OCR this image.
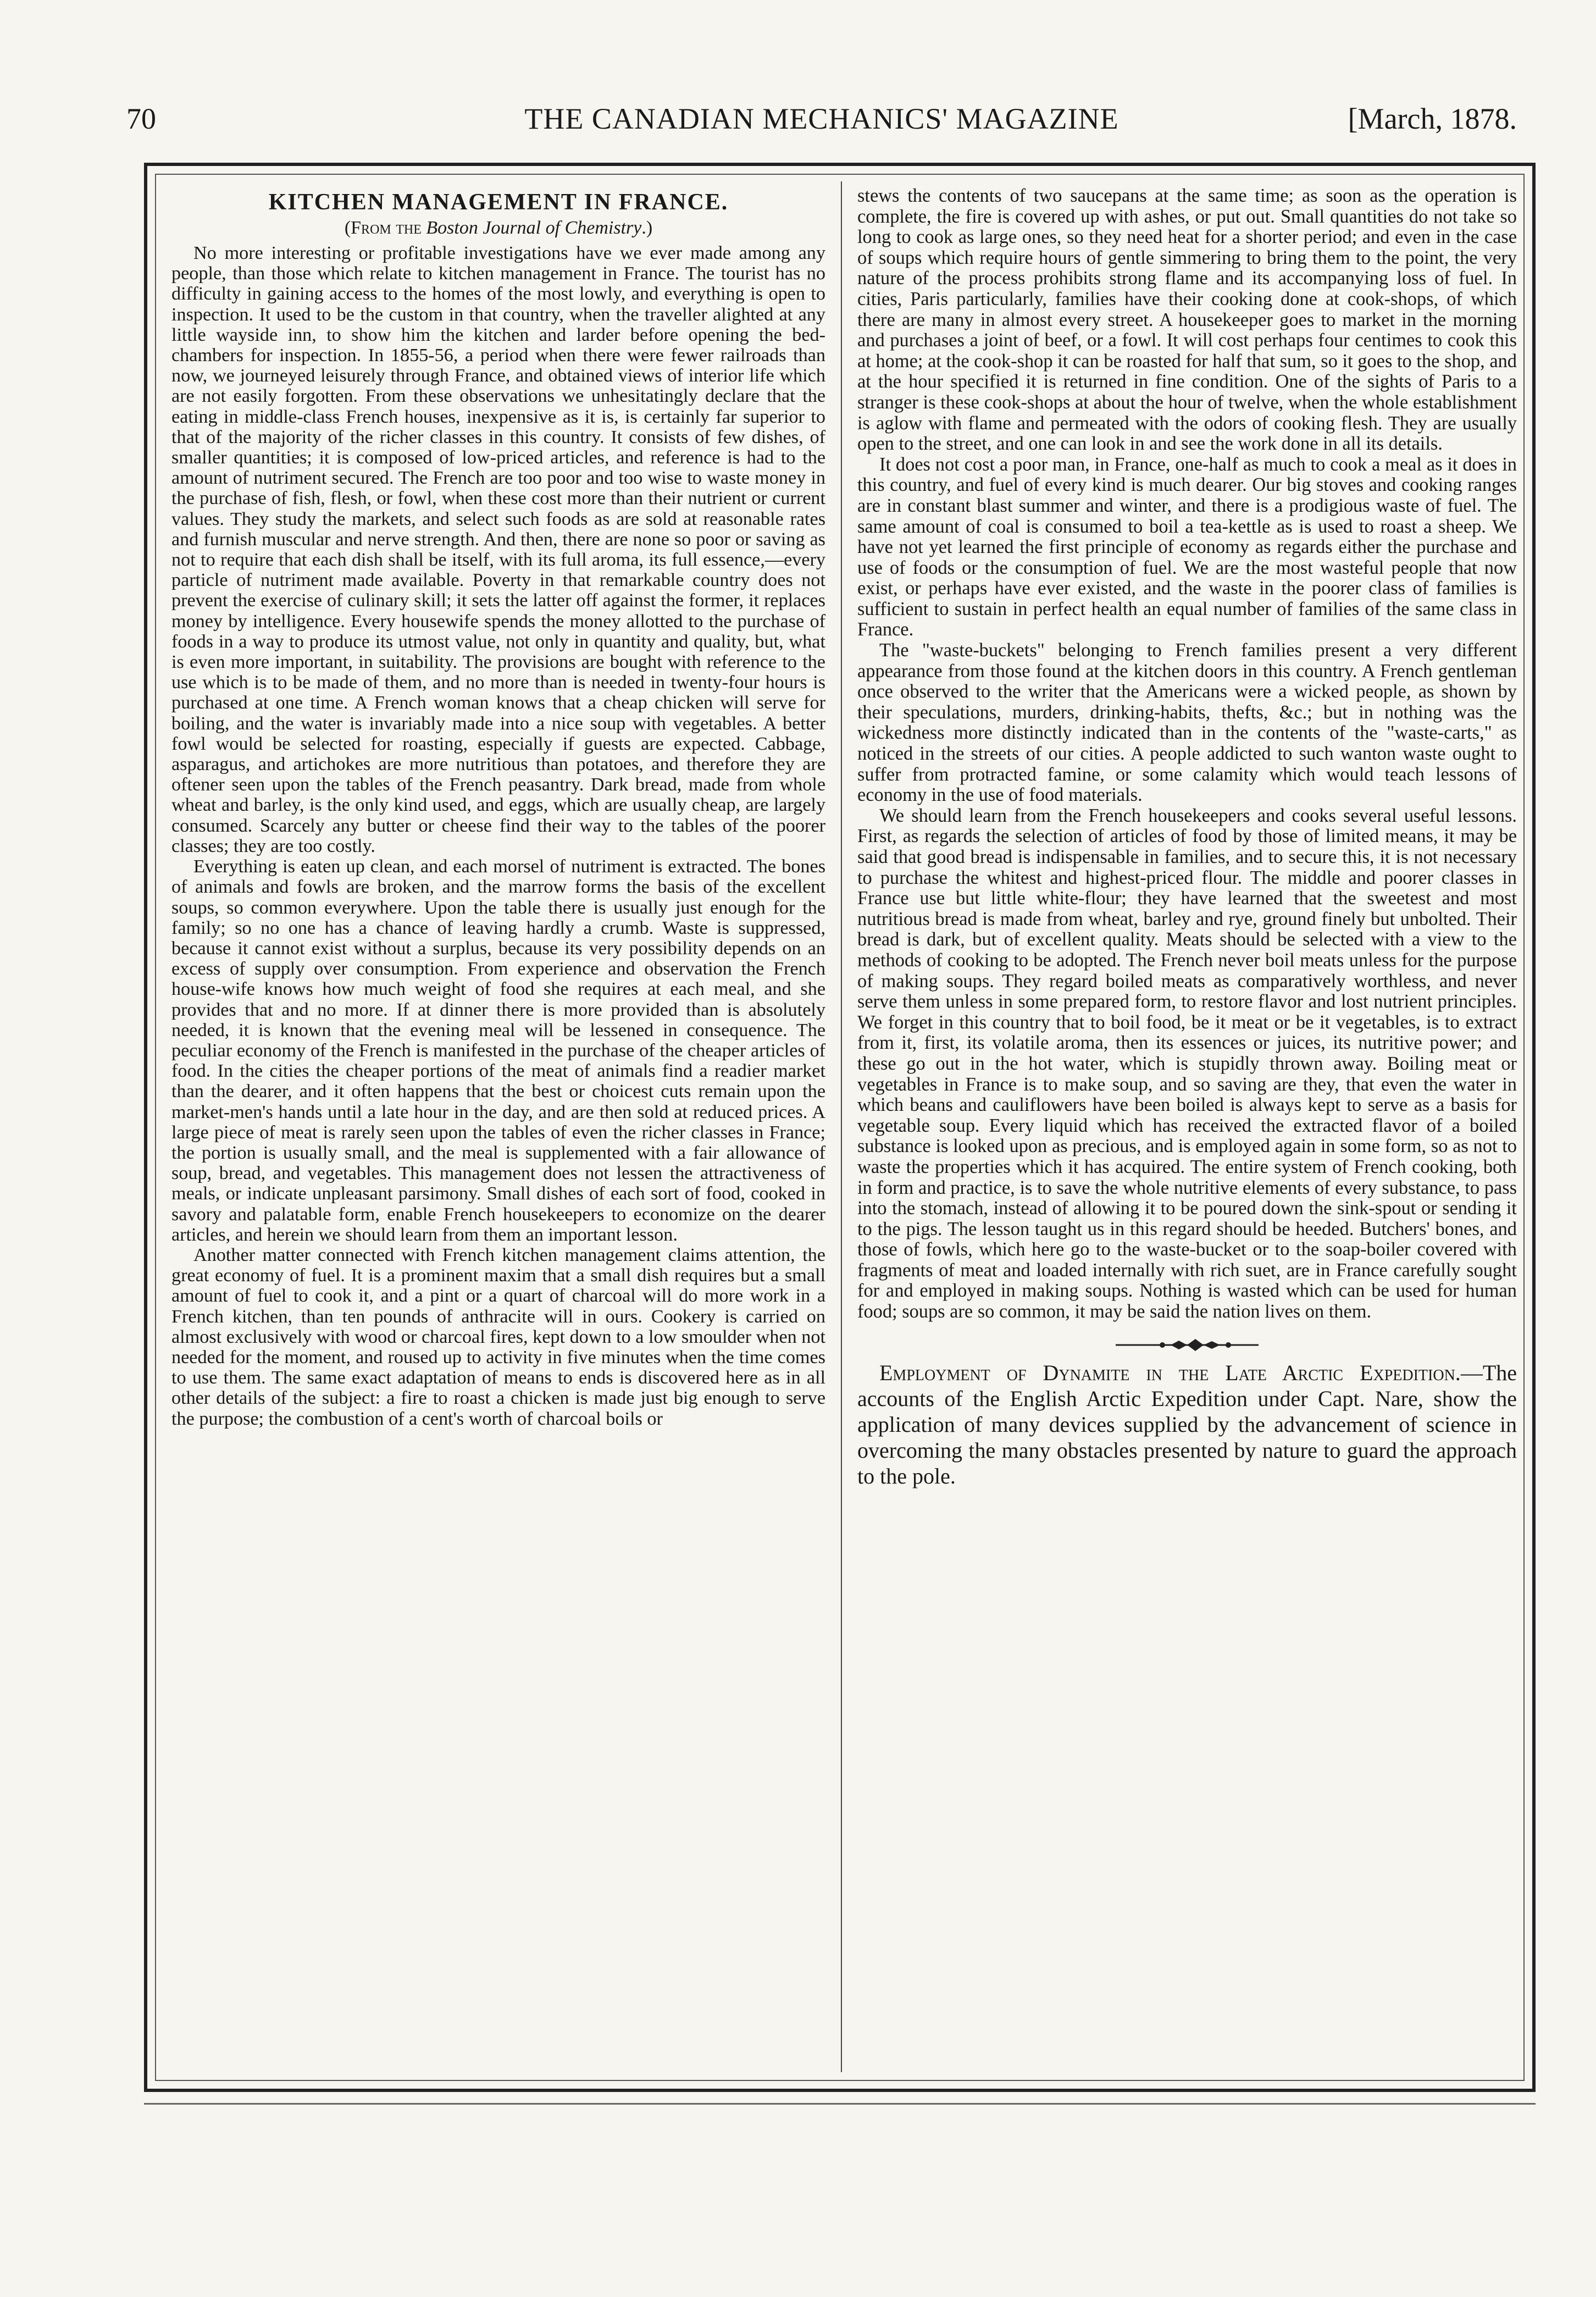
70	THE CANADIAN MECHANICS' MAGAZINE	[March, 1878.
KITCHEN MANAGEMENT IN FRANCE.
(From the Boston Journal of Chemistry.)

No more interesting or profitable investigations have we ever made among any people, than those which relate to kitchen management in France. The tourist has no difficulty in gaining access to the homes of the most lowly, and everything is open to inspection. It used to be the custom in that country, when the traveller alighted at any little wayside inn, to show him the kitchen and larder before opening the bed-chambers for inspection. In 1855-56, a period when there were fewer railroads than now, we journeyed leisurely through France, and obtained views of interior life which are not easily forgotten. From these observations we unhesitatingly declare that the eating in middle-class French houses, inexpensive as it is, is certainly far superior to that of the majority of the richer classes in this country. It consists of few dishes, of smaller quantities; it is composed of low-priced articles, and reference is had to the amount of nutriment secured. The French are too poor and too wise to waste money in the purchase of fish, flesh, or fowl, when these cost more than their nutrient or current values. They study the markets, and select such foods as are sold at reasonable rates and furnish muscular and nerve strength. And then, there are none so poor or saving as not to require that each dish shall be itself, with its full aroma, its full essence,—every particle of nutriment made available. Poverty in that remarkable country does not prevent the exercise of culinary skill; it sets the latter off against the former, it replaces money by intelligence. Every housewife spends the money allotted to the purchase of foods in a way to produce its utmost value, not only in quantity and quality, but, what is even more important, in suitability. The provisions are bought with reference to the use which is to be made of them, and no more than is needed in twenty-four hours is purchased at one time. A French woman knows that a cheap chicken will serve for boiling, and the water is invariably made into a nice soup with vegetables. A better fowl would be selected for roasting, especially if guests are expected. Cabbage, asparagus, and artichokes are more nutritious than potatoes, and therefore they are oftener seen upon the tables of the French peasantry. Dark bread, made from whole wheat and barley, is the only kind used, and eggs, which are usually cheap, are largely consumed. Scarcely any butter or cheese find their way to the tables of the poorer classes; they are too costly.

Everything is eaten up clean, and each morsel of nutriment is extracted. The bones of animals and fowls are broken, and the marrow forms the basis of the excellent soups, so common everywhere. Upon the table there is usually just enough for the family; so no one has a chance of leaving hardly a crumb. Waste is suppressed, because it cannot exist without a surplus, because its very possibility depends on an excess of supply over consumption. From experience and observation the French house-wife knows how much weight of food she requires at each meal, and she provides that and no more. If at dinner there is more provided than is absolutely needed, it is known that the evening meal will be lessened in consequence. The peculiar economy of the French is manifested in the purchase of the cheaper articles of food. In the cities the cheaper portions of the meat of animals find a readier market than the dearer, and it often happens that the best or choicest cuts remain upon the market-men's hands until a late hour in the day, and are then sold at reduced prices. A large piece of meat is rarely seen upon the tables of even the richer classes in France; the portion is usually small, and the meal is supplemented with a fair allowance of soup, bread, and vegetables. This management does not lessen the attractiveness of meals, or indicate unpleasant parsimony. Small dishes of each sort of food, cooked in savory and palatable form, enable French housekeepers to economize on the dearer articles, and herein we should learn from them an important lesson.

Another matter connected with French kitchen management claims attention, the great economy of fuel. It is a prominent maxim that a small dish requires but a small amount of fuel to cook it, and a pint or a quart of charcoal will do more work in a French kitchen, than ten pounds of anthracite will in ours. Cookery is carried on almost exclusively with wood or charcoal fires, kept down to a low smoulder when not needed for the moment, and roused up to activity in five minutes when the time comes to use them. The same exact adaptation of means to ends is discovered here as in all other details of the subject: a fire to roast a chicken is made just big enough to serve the purpose; the combustion of a cent's worth of charcoal boils or

stews the contents of two saucepans at the same time; as soon as the operation is complete, the fire is covered up with ashes, or put out. Small quantities do not take so long to cook as large ones, so they need heat for a shorter period; and even in the case of soups which require hours of gentle simmering to bring them to the point, the very nature of the process prohibits strong flame and its accompanying loss of fuel. In cities, Paris particularly, families have their cooking done at cook-shops, of which there are many in almost every street. A housekeeper goes to market in the morning and purchases a joint of beef, or a fowl. It will cost perhaps four centimes to cook this at home; at the cook-shop it can be roasted for half that sum, so it goes to the shop, and at the hour specified it is returned in fine condition. One of the sights of Paris to a stranger is these cook-shops at about the hour of twelve, when the whole establishment is aglow with flame and permeated with the odors of cooking flesh. They are usually open to the street, and one can look in and see the work done in all its details.

It does not cost a poor man, in France, one-half as much to cook a meal as it does in this country, and fuel of every kind is much dearer. Our big stoves and cooking ranges are in constant blast summer and winter, and there is a prodigious waste of fuel. The same amount of coal is consumed to boil a tea-kettle as is used to roast a sheep. We have not yet learned the first principle of economy as regards either the purchase and use of foods or the consumption of fuel. We are the most wasteful people that now exist, or perhaps have ever existed, and the waste in the poorer class of families is sufficient to sustain in perfect health an equal number of families of the same class in France.

The "waste-buckets" belonging to French families present a very different appearance from those found at the kitchen doors in this country. A French gentleman once observed to the writer that the Americans were a wicked people, as shown by their speculations, murders, drinking-habits, thefts, &c.; but in nothing was the wickedness more distinctly indicated than in the contents of the "waste-carts," as noticed in the streets of our cities. A people addicted to such wanton waste ought to suffer from protracted famine, or some calamity which would teach lessons of economy in the use of food materials.

We should learn from the French housekeepers and cooks several useful lessons. First, as regards the selection of articles of food by those of limited means, it may be said that good bread is indispensable in families, and to secure this, it is not necessary to purchase the whitest and highest-priced flour. The middle and poorer classes in France use but little white-flour; they have learned that the sweetest and most nutritious bread is made from wheat, barley and rye, ground finely but unbolted. Their bread is dark, but of excellent quality. Meats should be selected with a view to the methods of cooking to be adopted. The French never boil meats unless for the purpose of making soups. They regard boiled meats as comparatively worthless, and never serve them unless in some prepared form, to restore flavor and lost nutrient principles. We forget in this country that to boil food, be it meat or be it vegetables, is to extract from it, first, its volatile aroma, then its essences or juices, its nutritive power; and these go out in the hot water, which is stupidly thrown away. Boiling meat or vegetables in France is to make soup, and so saving are they, that even the water in which beans and cauliflowers have been boiled is always kept to serve as a basis for vegetable soup. Every liquid which has received the extracted flavor of a boiled substance is looked upon as precious, and is employed again in some form, so as not to waste the properties which it has acquired. The entire system of French cooking, both in form and practice, is to save the whole nutritive elements of every substance, to pass into the stomach, instead of allowing it to be poured down the sink-spout or sending it to the pigs. The lesson taught us in this regard should be heeded. Butchers' bones, and those of fowls, which here go to the waste-bucket or to the soap-boiler covered with fragments of meat and loaded internally with rich suet, are in France carefully sought for and employed in making soups. Nothing is wasted which can be used for human food; soups are so common, it may be said the nation lives on them.

Employment of Dynamite in the Late Arctic Expedition.—The accounts of the English Arctic Expedition under Capt. Nare, show the application of many devices supplied by the advancement of science in overcoming the many obstacles presented by nature to guard the approach to the pole.
